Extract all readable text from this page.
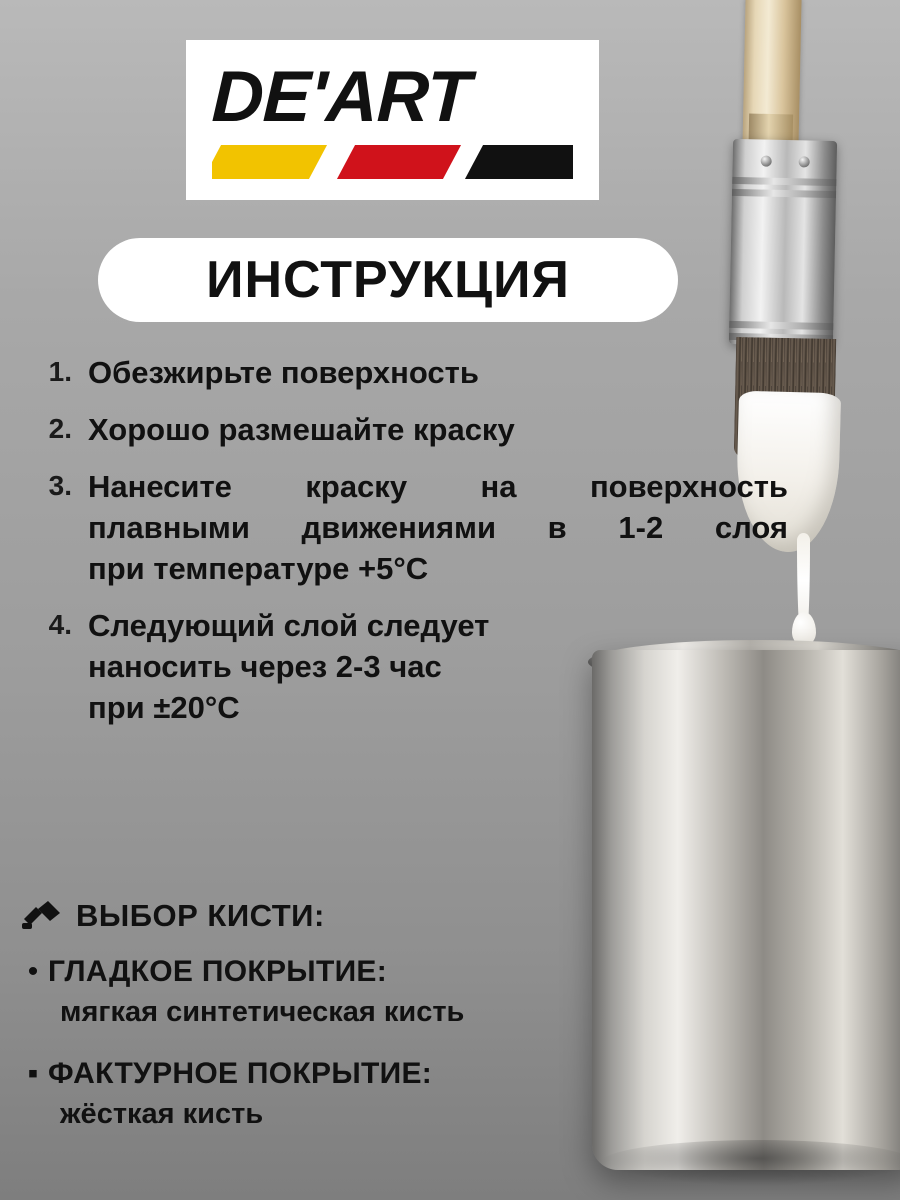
DE'ART
ИНСТРУКЦИЯ
1. Обезжирьте поверхность
2. Хорошо размешайте краску
3. Нанесите краску на поверхность
плавными движениями в 1-2 слоя
при температуре +5°С
4. Следующий слой следует
наносить через 2-3 час
при ±20°С
ВЫБОР КИСТИ:
• ГЛАДКОЕ ПОКРЫТИЕ:
мягкая синтетическая кисть
▪ ФАКТУРНОЕ ПОКРЫТИЕ:
жёсткая кисть
